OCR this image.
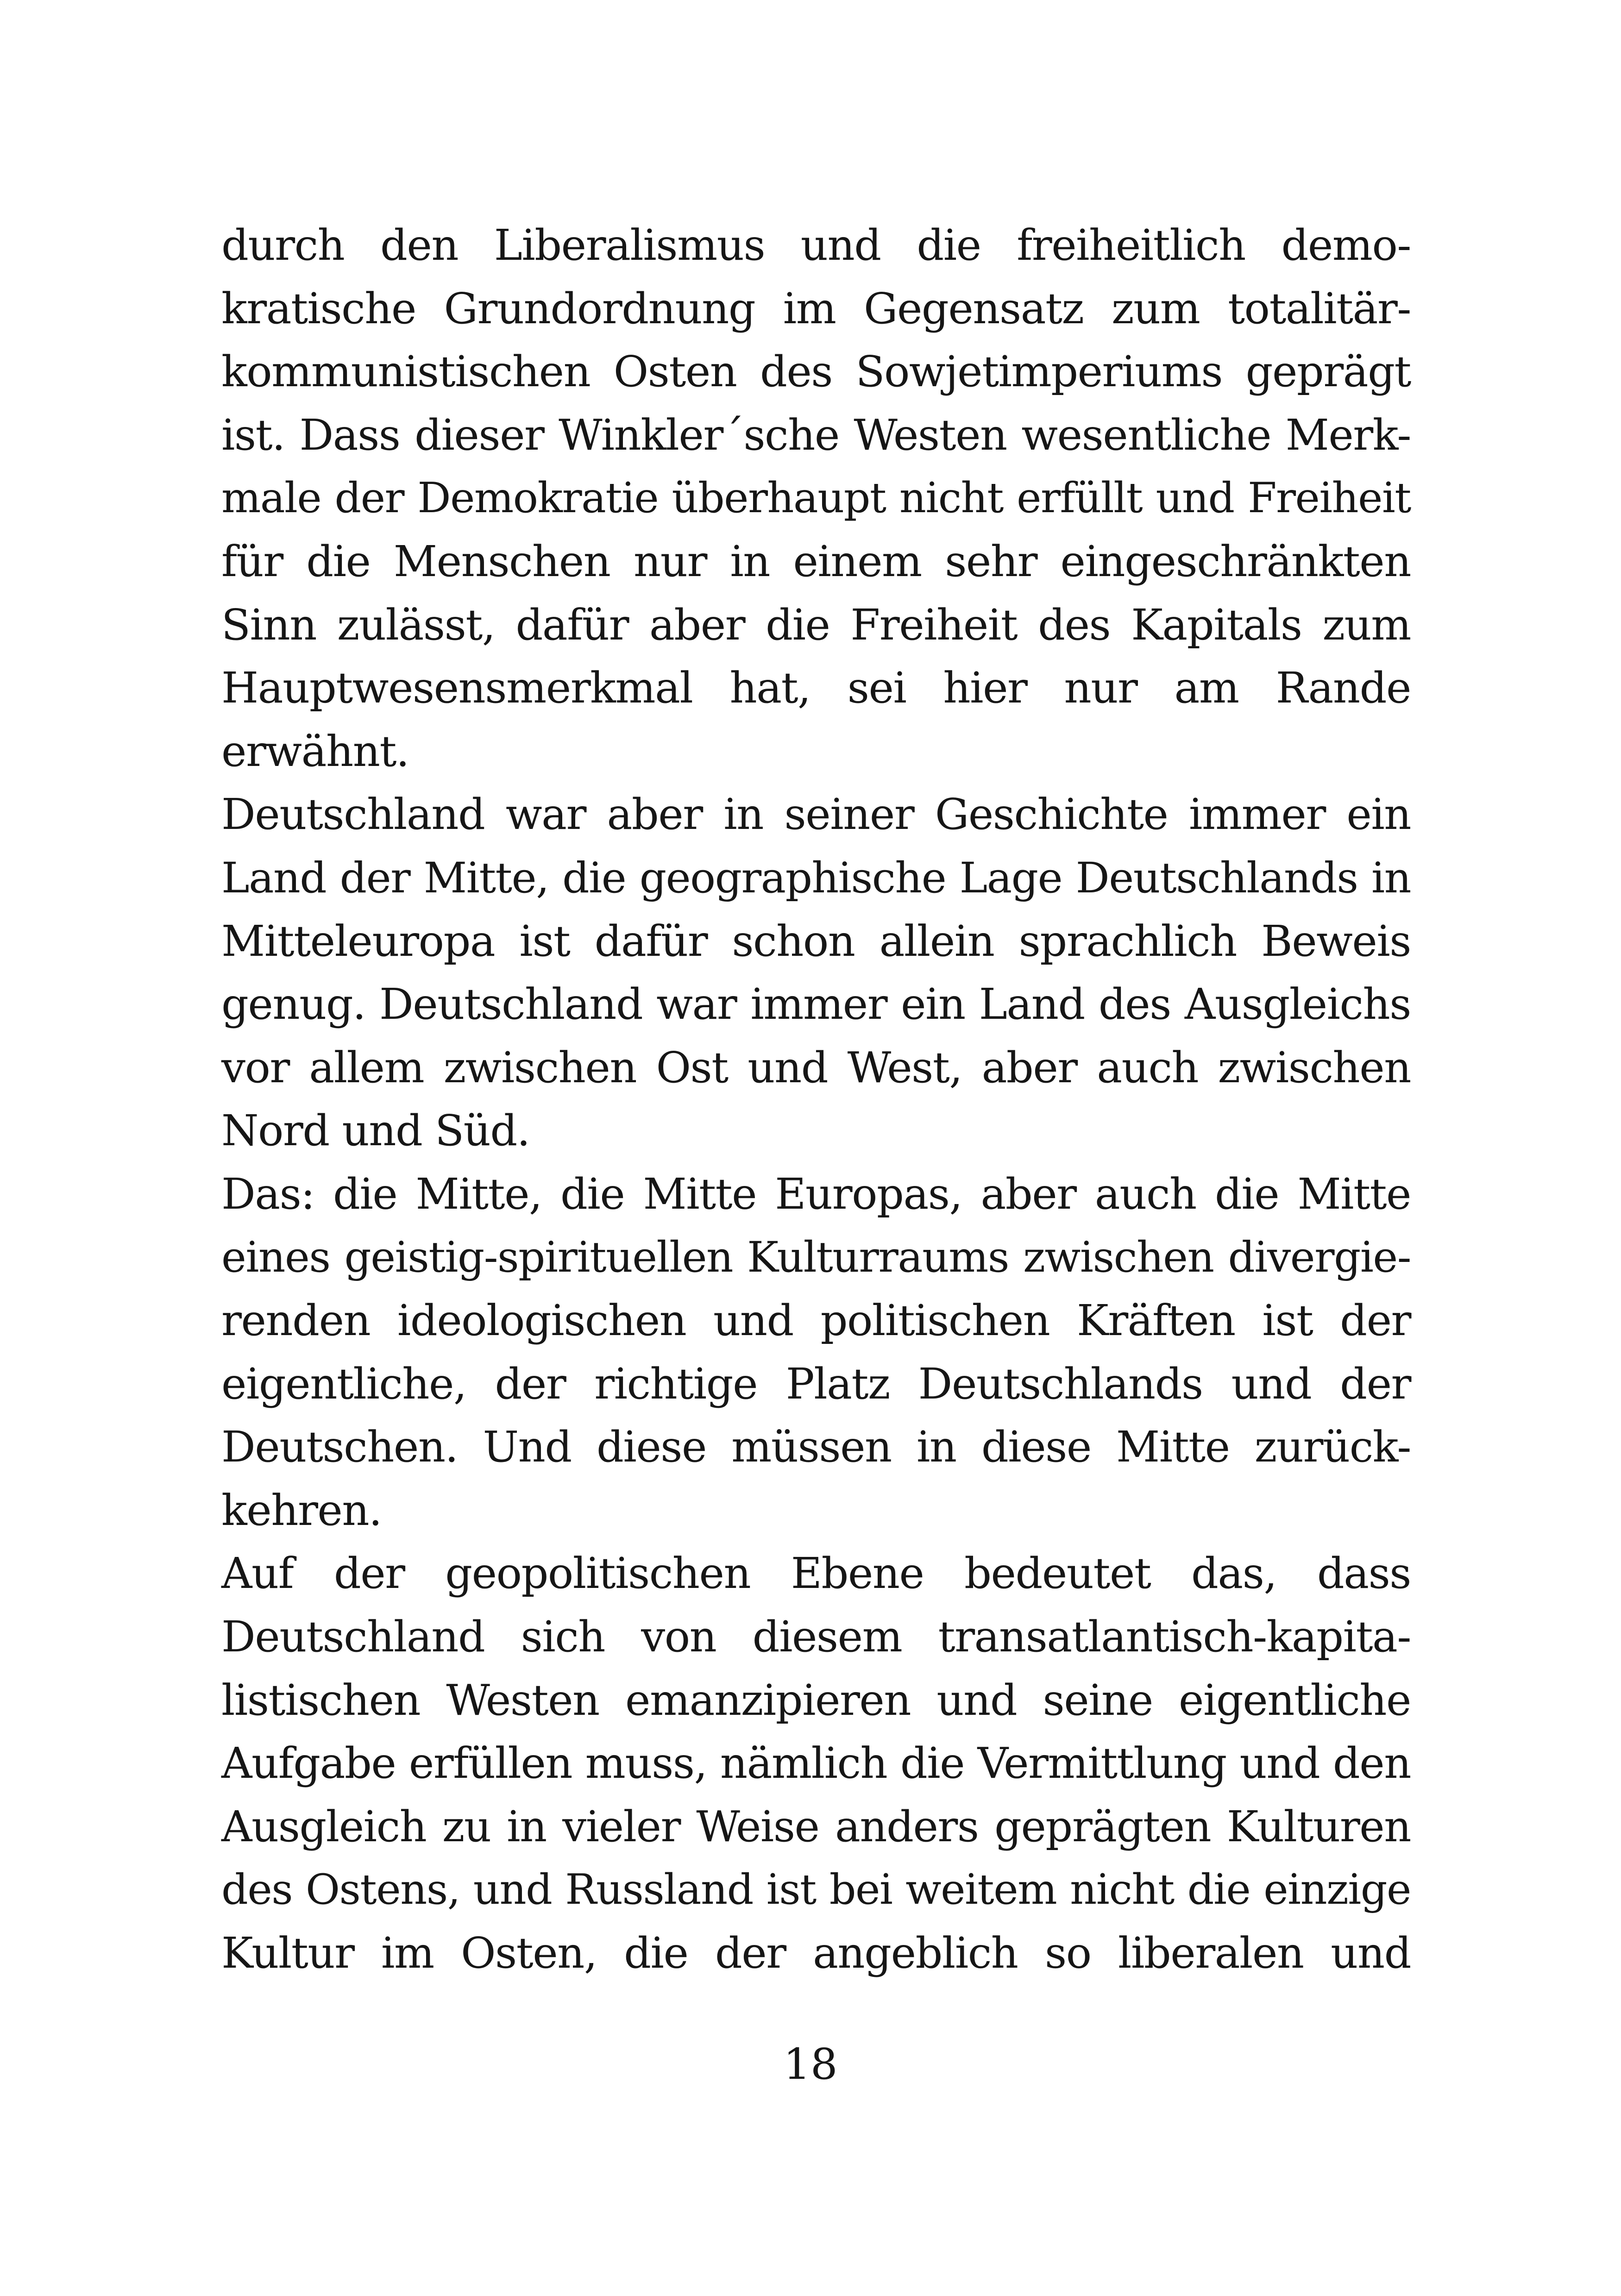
durch den Liberalismus und die freiheitlich demo-
kratische Grundordnung im Gegensatz zum totalitär-
kommunistischen Osten des Sowjetimperiums geprägt
ist. Dass dieser Winkler´sche Westen wesentliche Merk-
male der Demokratie überhaupt nicht erfüllt und Freiheit
für die Menschen nur in einem sehr eingeschränkten
Sinn zulässt, dafür aber die Freiheit des Kapitals zum
Hauptwesensmerkmal hat, sei hier nur am Rande
erwähnt.
Deutschland war aber in seiner Geschichte immer ein
Land der Mitte, die geographische Lage Deutschlands in
Mitteleuropa ist dafür schon allein sprachlich Beweis
genug. Deutschland war immer ein Land des Ausgleichs
vor allem zwischen Ost und West, aber auch zwischen
Nord und Süd.
Das: die Mitte, die Mitte Europas, aber auch die Mitte
eines geistig-spirituellen Kulturraums zwischen divergie-
renden ideologischen und politischen Kräften ist der
eigentliche, der richtige Platz Deutschlands und der
Deutschen. Und diese müssen in diese Mitte zurück-
kehren.
Auf der geopolitischen Ebene bedeutet das, dass
Deutschland sich von diesem transatlantisch-kapita-
listischen Westen emanzipieren und seine eigentliche
Aufgabe erfüllen muss, nämlich die Vermittlung und den
Ausgleich zu in vieler Weise anders geprägten Kulturen
des Ostens, und Russland ist bei weitem nicht die einzige
Kultur im Osten, die der angeblich so liberalen und
18
